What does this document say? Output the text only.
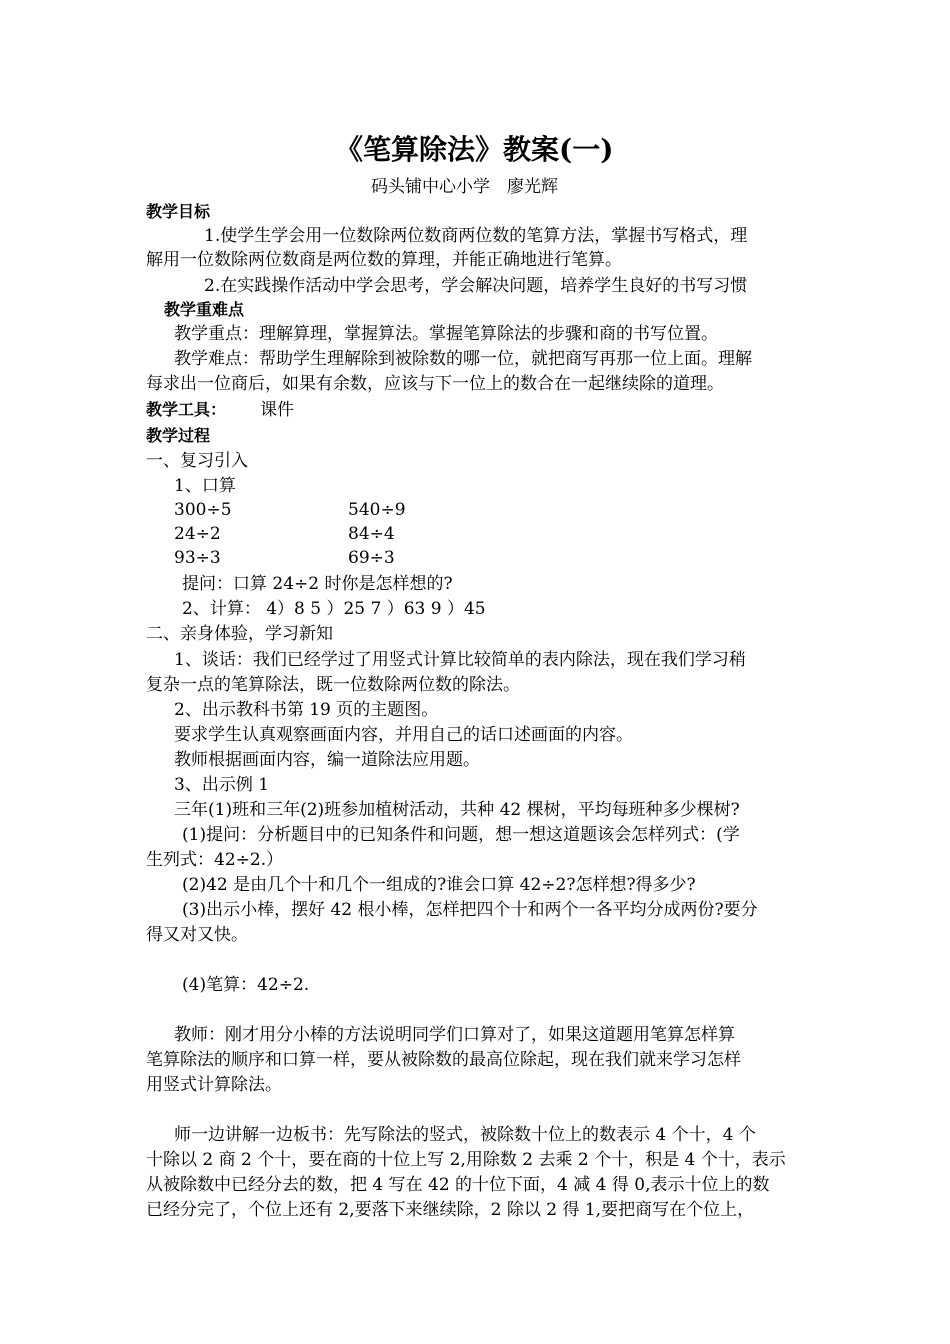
《笔算除法》教案(一)
码头铺中心小学　廖光辉
教学目标
1.使学生学会用一位数除两位数商两位数的笔算方法，掌握书写格式，理
解用一位数除两位数商是两位数的算理，并能正确地进行笔算。
2.在实践操作活动中学会思考，学会解决问题，培养学生良好的书写习惯
教学重难点
教学重点：理解算理，掌握算法。掌握笔算除法的步骤和商的书写位置。
教学难点：帮助学生理解除到被除数的哪一位，就把商写再那一位上面。理解
每求出一位商后，如果有余数，应该与下一位上的数合在一起继续除的道理。
教学工具： 课件
教学过程
一、复习引入
1、口算
300÷5	540÷9
24÷2	84÷4
93÷3	69÷3
提问：口算 24÷2 时你是怎样想的?
2、计算： 4）8 5 ）25 7 ）63 9 ）45
二、亲身体验，学习新知
1、谈话：我们已经学过了用竖式计算比较简单的表内除法，现在我们学习稍
复杂一点的笔算除法，既一位数除两位数的除法。
2、出示教科书第 19 页的主题图。
要求学生认真观察画面内容，并用自己的话口述画面的内容。
教师根据画面内容，编一道除法应用题。
3、出示例 1
三年(1)班和三年(2)班参加植树活动，共种 42 棵树，平均每班种多少棵树?
(1)提问：分析题目中的已知条件和问题，想一想这道题该会怎样列式：(学
生列式：42÷2.）
(2)42 是由几个十和几个一组成的?谁会口算 42÷2?怎样想?得多少?
(3)出示小棒，摆好 42 根小棒，怎样把四个十和两个一各平均分成两份?要分
得又对又快。
(4)笔算：42÷2.
教师：刚才用分小棒的方法说明同学们口算对了，如果这道题用笔算怎样算
笔算除法的顺序和口算一样，要从被除数的最高位除起，现在我们就来学习怎样
用竖式计算除法。
师一边讲解一边板书：先写除法的竖式，被除数十位上的数表示 4 个十，4 个
十除以 2 商 2 个十，要在商的十位上写 2,用除数 2 去乘 2 个十，积是 4 个十，表示
从被除数中已经分去的数，把 4 写在 42 的十位下面，4 减 4 得 0,表示十位上的数
已经分完了，个位上还有 2,要落下来继续除，2 除以 2 得 1,要把商写在个位上，
